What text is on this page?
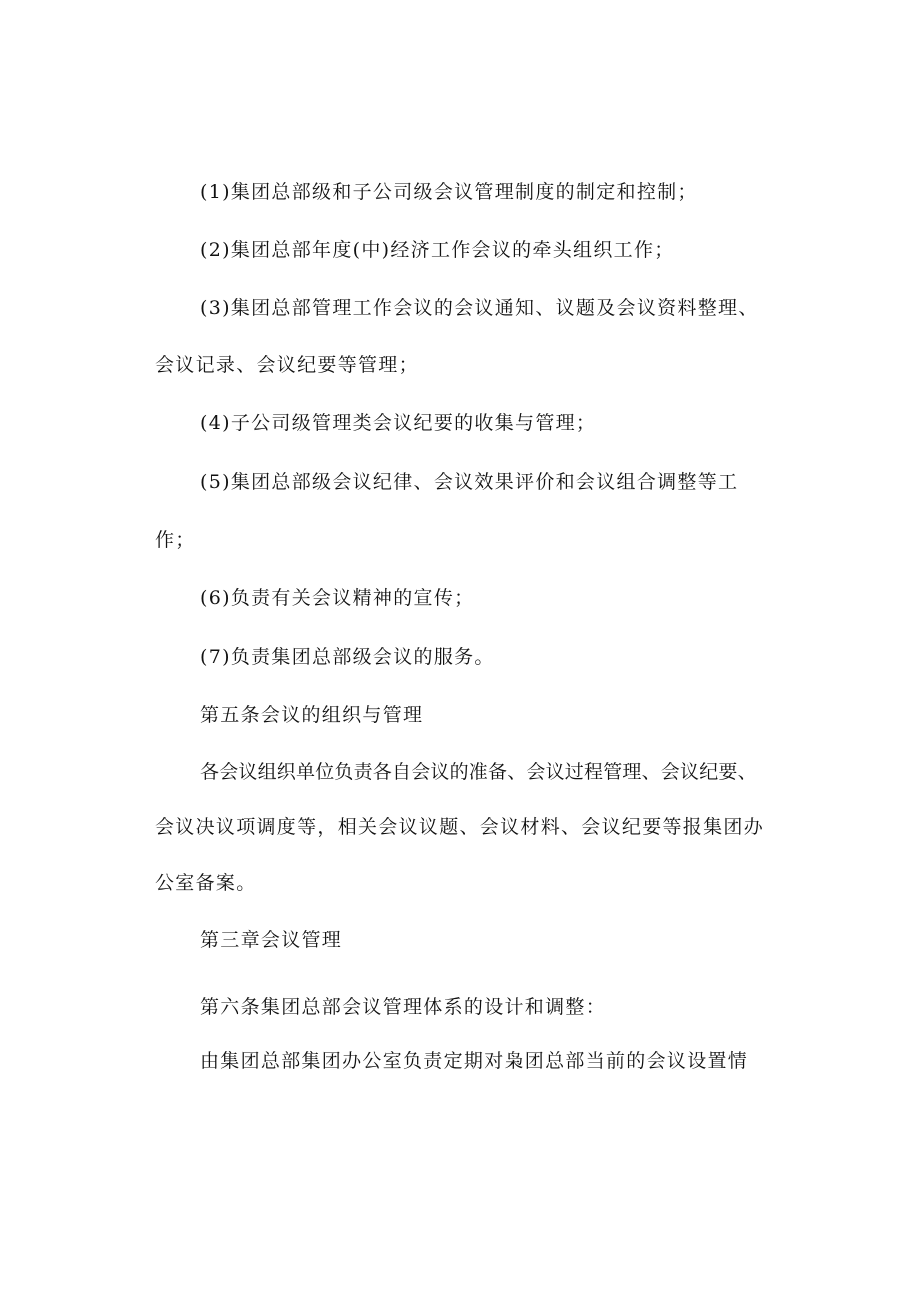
(1)集团总部级和子公司级会议管理制度的制定和控制；
(2)集团总部年度(中)经济工作会议的牵头组织工作；
(3)集团总部管理工作会议的会议通知、议题及会议资料整理、
会议记录、会议纪要等管理；
(4)子公司级管理类会议纪要的收集与管理；
(5)集团总部级会议纪律、会议效果评价和会议组合调整等工
作；
(6)负责有关会议精神的宣传；
(7)负责集团总部级会议的服务。
第五条会议的组织与管理
各会议组织单位负责各自会议的准备、会议过程管理、会议纪要、
会议决议项调度等，相关会议议题、会议材料、会议纪要等报集团办
公室备案。
第三章会议管理
第六条集团总部会议管理体系的设计和调整：
由集团总部集团办公室负责定期对枭团总部当前的会议设置情
